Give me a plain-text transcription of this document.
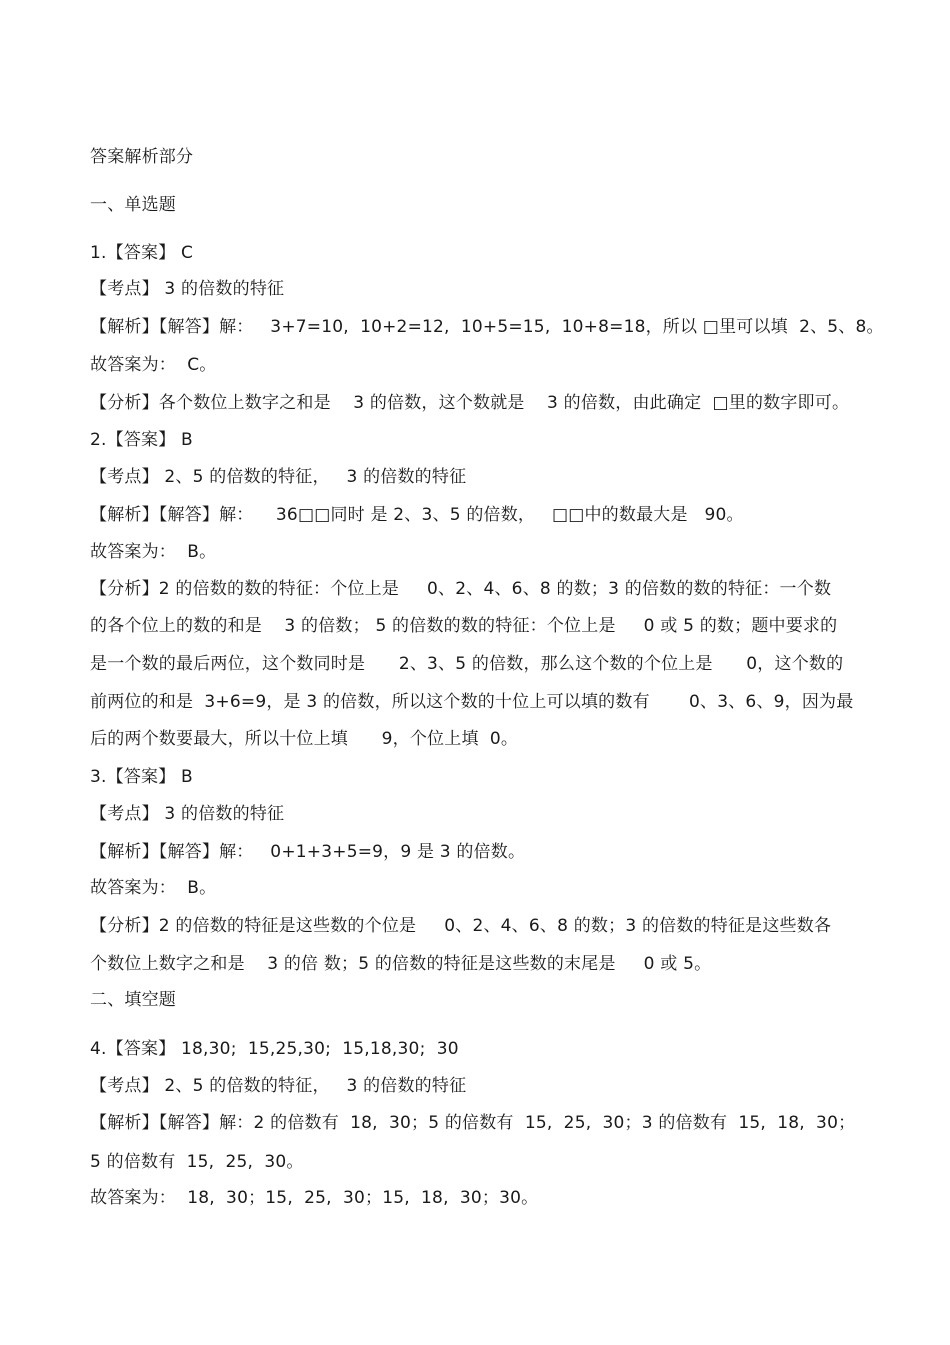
答案解析部分
一、单选题
1.【答案】 C
【考点】 3 的倍数的特征
【解析】【解答】解：   3+7=10,  10+2=12,  10+5=15,  10+8=18，所以 □里可以填  2、5、8。
故答案为：  C。
【分析】各个数位上数字之和是    3 的倍数，这个数就是    3 的倍数，由此确定  □里的数字即可。
2.【答案】 B
【考点】 2、5 的倍数的特征，   3 的倍数的特征
【解析】【解答】解：    36□□同时 是 2、3、5 的倍数，   □□中的数最大是   90。
故答案为：  B。
【分析】2 的倍数的数的特征：个位上是     0、2、4、6、8 的数；3 的倍数的数的特征：一个数
的各个位上的数的和是    3 的倍数； 5 的倍数的数的特征：个位上是     0 或 5 的数；题中要求的
是一个数的最后两位，这个数同时是      2、3、5 的倍数，那么这个数的个位上是      0，这个数的
前两位的和是  3+6=9，是 3 的倍数，所以这个数的十位上可以填的数有       0、3、6、9，因为最
后的两个数要最大，所以十位上填      9，个位上填  0。
3.【答案】 B
【考点】 3 的倍数的特征
【解析】【解答】解：   0+1+3+5=9，9 是 3 的倍数。
故答案为：  B。
【分析】2 的倍数的特征是这些数的个位是     0、2、4、6、8 的数；3 的倍数的特征是这些数各
个数位上数字之和是    3 的倍 数；5 的倍数的特征是这些数的末尾是     0 或 5。
二、填空题
4.【答案】 18,30;  15,25,30;  15,18,30;  30
【考点】 2、5 的倍数的特征，   3 的倍数的特征
【解析】【解答】解：2 的倍数有  18,  30；5 的倍数有  15,  25,  30；3 的倍数有  15,  18,  30；
5 的倍数有  15,  25,  30。
故答案为：  18,  30；15,  25,  30；15,  18,  30；30。
